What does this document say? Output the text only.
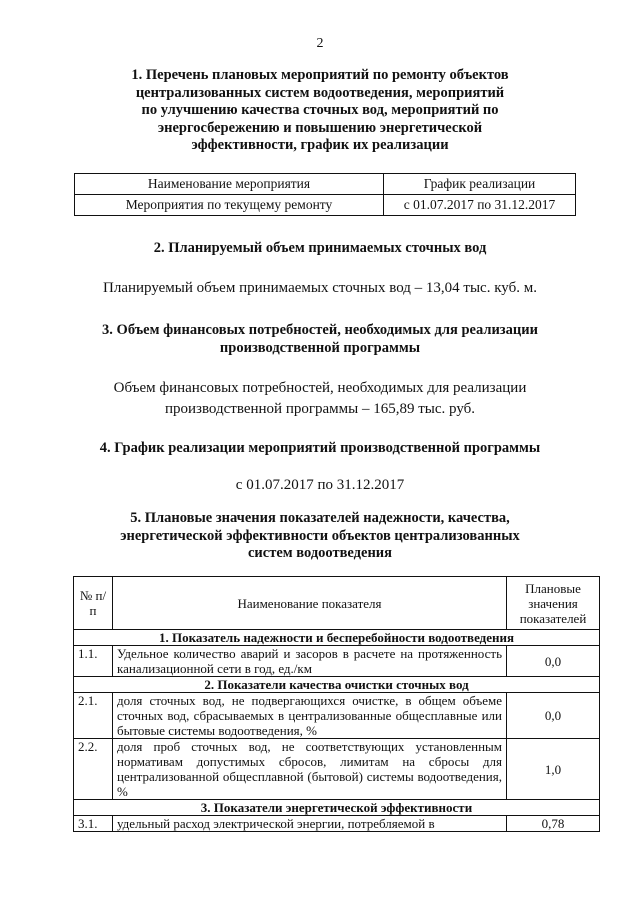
2
1. Перечень плановых мероприятий по ремонту объектов
централизованных систем водоотведения, мероприятий
по улучшению качества сточных вод, мероприятий по
энергосбережению и повышению энергетической
эффективности, график их реализации
Наименование мероприятия	График реализации
Мероприятия по текущему ремонту	с 01.07.2017 по 31.12.2017
2. Планируемый объем принимаемых сточных вод
Планируемый объем принимаемых сточных вод – 13,04 тыс. куб. м.
3. Объем финансовых потребностей, необходимых для реализации
производственной программы
Объем финансовых потребностей, необходимых для реализации
производственной программы – 165,89 тыс. руб.
4. График реализации мероприятий производственной программы
с 01.07.2017 по 31.12.2017
5. Плановые значения показателей надежности, качества,
энергетической эффективности объектов централизованных
систем водоотведения
№ п/п	Наименование показателя	Плановые значения показателей
1. Показатель надежности и бесперебойности водоотведения		
1.1.	Удельное количество аварий и засоров в расчете на протяженность канализационной сети в год, ед./км	0,0
2. Показатели качества очистки сточных вод		
2.1.	доля сточных вод, не подвергающихся очистке, в общем объеме сточных вод, сбрасываемых в централизованные общесплавные или бытовые системы водоотведения, %	0,0
2.2.	доля проб сточных вод, не соответствующих установленным нормативам допустимых сбросов, лимитам на сбросы для централизованной общесплавной (бытовой) системы водоотведения, %	1,0
3. Показатели энергетической эффективности		
3.1.	удельный расход электрической энергии, потребляемой в	0,78
